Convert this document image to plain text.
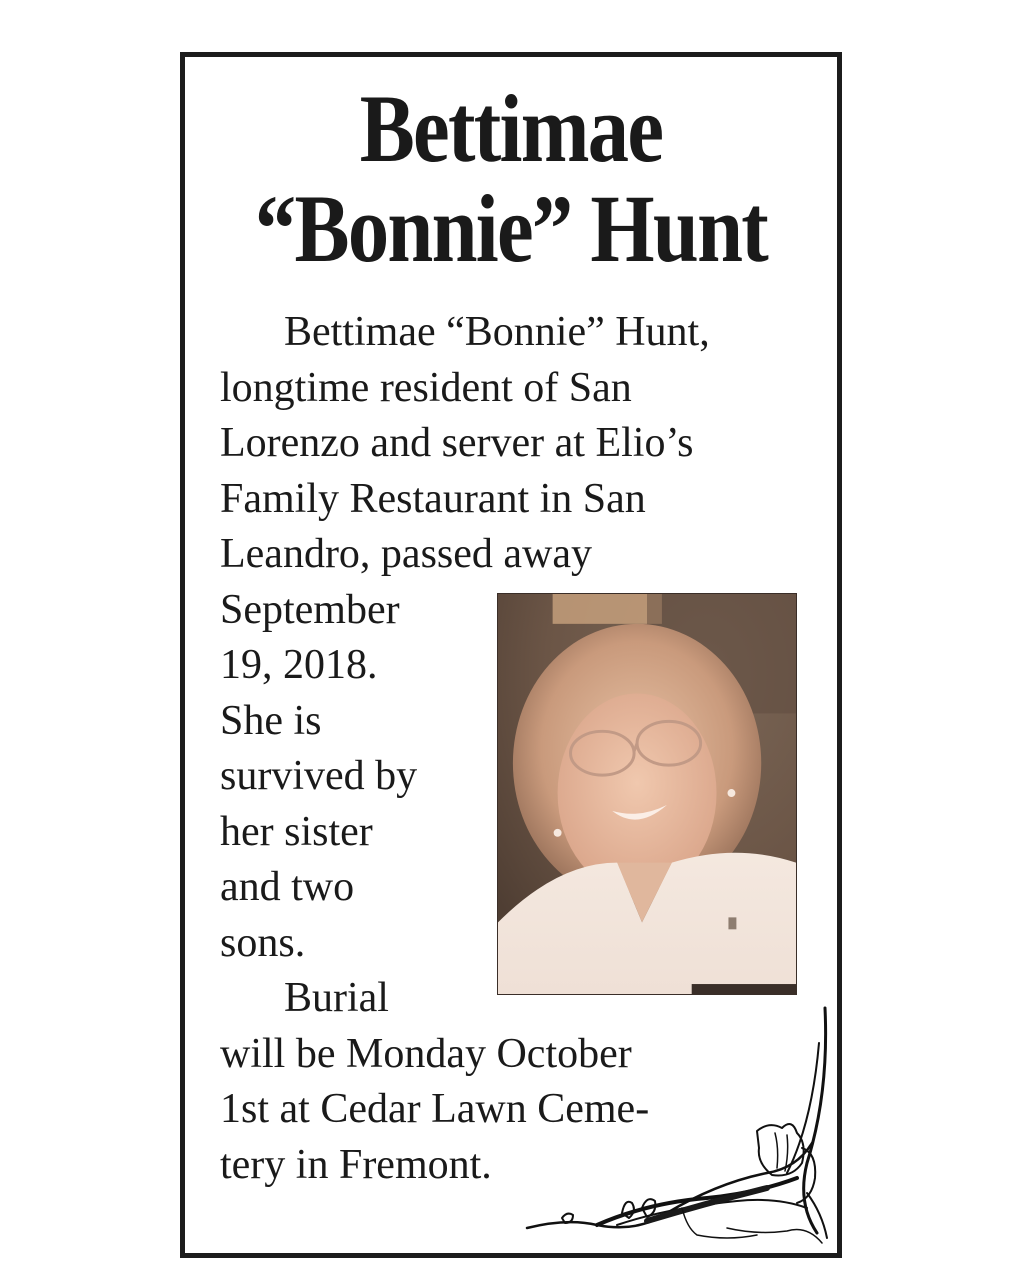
Bettimae
“Bonnie” Hunt
Bettimae “Bonnie” Hunt,
longtime resident of San
Lorenzo and server at Elio’s
Family Restaurant in San
Leandro, passed away
September
19, 2018.
She is
survived by
her sister
and two
sons.
Burial
will be Monday October
1st at Cedar Lawn Ceme-
tery in Fremont.
